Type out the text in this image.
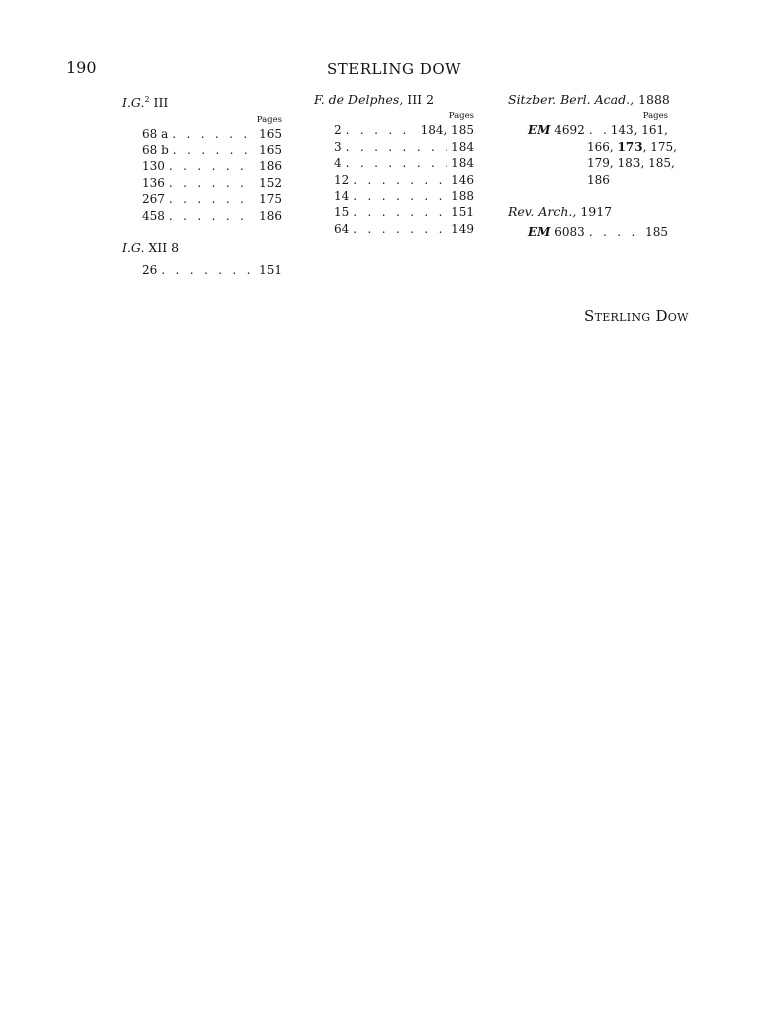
190	STERLING DOW
I.G.$^2$ III
Pages
68 a . . .	165
68 b . . .	165
130 . . .	186
136 . . .	152
267 . . .	175
458 . . .	186
I.G. XII 8
26 . . .	151
F. de Delphes, III 2
Pages
2 . . .	184, 185
3 . . .	184
4 . . .	184
12 . . .	146
14 . . .	188
15 . . .	151
64 . . .	149
Sitzber. Berl. Acad., 1888
Pages
EM 4692 . . .	143, 161,
166, 173, 175,
179, 183, 185,
186
Rev. Arch., 1917
EM 6083 . . .	185
Sterling Dow
